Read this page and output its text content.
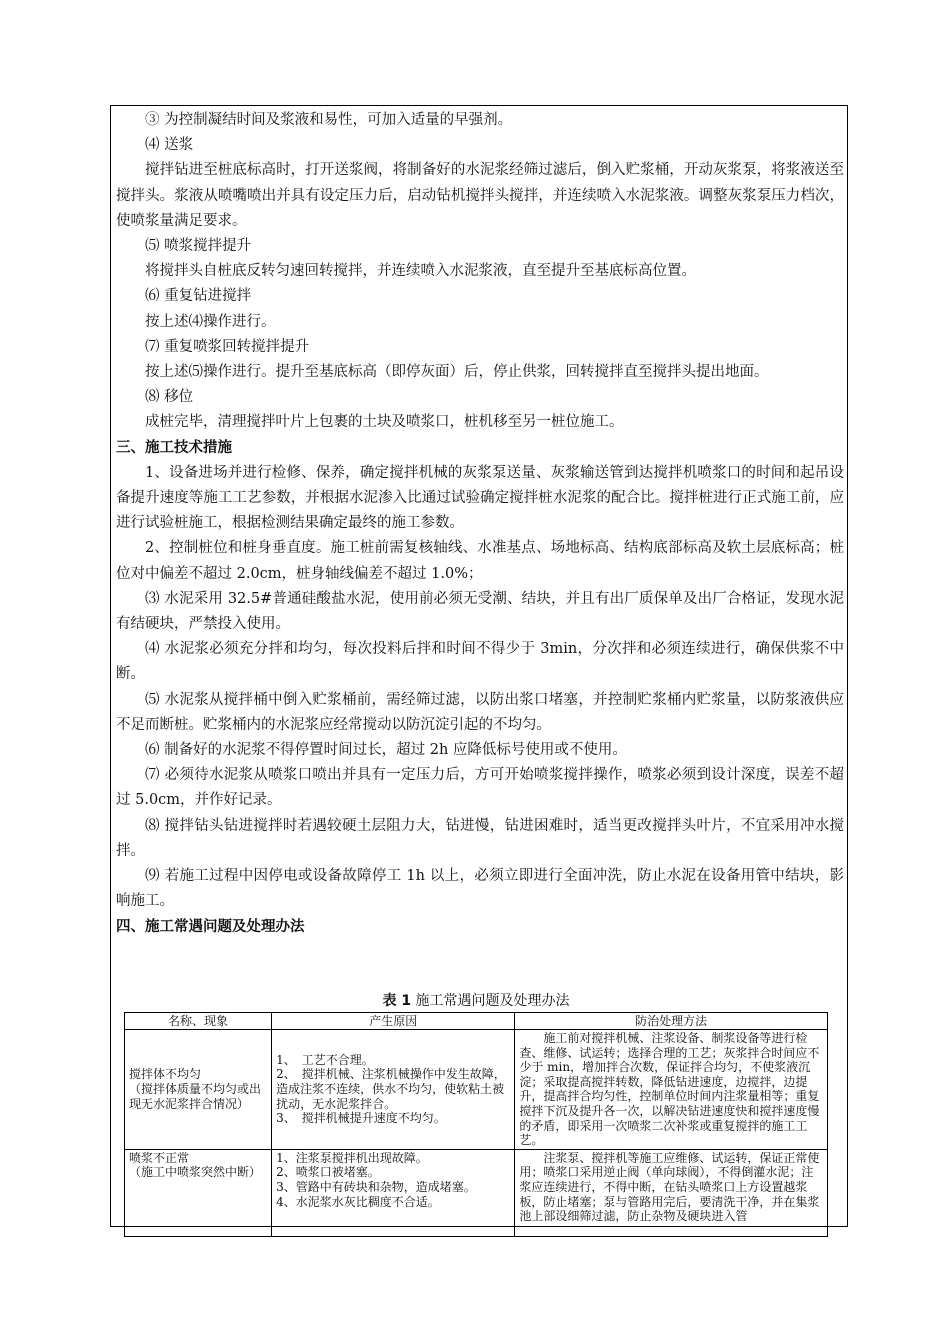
③ 为控制凝结时间及浆液和易性，可加入适量的早强剂。

⑷ 送浆

搅拌钻进至桩底标高时，打开送浆阀，将制备好的水泥浆经筛过滤后，倒入贮浆桶，开动灰浆泵，将浆液送至搅拌头。浆液从喷嘴喷出并具有设定压力后，启动钻机搅拌头搅拌，并连续喷入水泥浆液。调整灰浆泵压力档次，使喷浆量满足要求。

⑸ 喷浆搅拌提升

将搅拌头自桩底反转匀速回转搅拌，并连续喷入水泥浆液，直至提升至基底标高位置。

⑹ 重复钻进搅拌

按上述⑷操作进行。

⑺ 重复喷浆回转搅拌提升

按上述⑸操作进行。提升至基底标高（即停灰面）后，停止供浆，回转搅拌直至搅拌头提出地面。

⑻ 移位

成桩完毕，清理搅拌叶片上包裹的土块及喷浆口，桩机移至另一桩位施工。

三、施工技术措施

1、设备进场并进行检修、保养，确定搅拌机械的灰浆泵送量、灰浆输送管到达搅拌机喷浆口的时间和起吊设备提升速度等施工工艺参数，并根据水泥渗入比通过试验确定搅拌桩水泥浆的配合比。搅拌桩进行正式施工前，应进行试验桩施工，根据检测结果确定最终的施工参数。

2、控制桩位和桩身垂直度。施工桩前需复核轴线、水准基点、场地标高、结构底部标高及软土层底标高；桩位对中偏差不超过 2.0cm，桩身轴线偏差不超过 1.0%；

⑶ 水泥采用 32.5#普通硅酸盐水泥，使用前必须无受潮、结块，并且有出厂质保单及出厂合格证，发现水泥有结硬块，严禁投入使用。

⑷ 水泥浆必须充分拌和均匀，每次投料后拌和时间不得少于 3min，分次拌和必须连续进行，确保供浆不中断。

⑸ 水泥浆从搅拌桶中倒入贮浆桶前，需经筛过滤，以防出浆口堵塞，并控制贮浆桶内贮浆量，以防浆液供应不足而断桩。贮浆桶内的水泥浆应经常搅动以防沉淀引起的不均匀。

⑹ 制备好的水泥浆不得停置时间过长，超过 2h 应降低标号使用或不使用。

⑺ 必须待水泥浆从喷浆口喷出并具有一定压力后，方可开始喷浆搅拌操作，喷浆必须到设计深度，误差不超过 5.0cm，并作好记录。

⑻ 搅拌钻头钻进搅拌时若遇较硬土层阻力大，钻进慢，钻进困难时，适当更改搅拌头叶片，不宜采用冲水搅拌。

⑼ 若施工过程中因停电或设备故障停工 1h 以上，必须立即进行全面冲洗，防止水泥在设备用管中结块，影响施工。

四、施工常遇问题及处理办法

表 1 施工常遇问题及处理办法

名称、现象	产生原因	防治处理方法

搅拌体不均匀
（搅拌体质量不均匀或出现无水泥浆拌合情况）	1、　工艺不合理。
2、　搅拌机械、注浆机械操作中发生故障，造成注浆不连续，供水不均匀，使软粘土被扰动，无水泥浆拌合。
3、　搅拌机械提升速度不均匀。	施工前对搅拌机械、注浆设备、制浆设备等进行检查、维修、试运转；选择合理的工艺；灰浆拌合时间应不少于 min，增加拌合次数，保证拌合均匀，不使浆液沉淀；采取提高搅拌转数，降低钻进速度，边搅拌，边提升，提高拌合均匀性，控制单位时间内注浆量相等；重复搅拌下沉及提升各一次，以解决钻进速度快和搅拌速度慢的矛盾，即采用一次喷浆二次补浆或重复搅拌的施工工艺。

喷浆不正常
（施工中喷浆突然中断）	1、注浆泵搅拌机出现故障。
2、喷浆口被堵塞。
3、管路中有砖块和杂物，造成堵塞。
4、水泥浆水灰比稠度不合适。	注浆泵、搅拌机等施工应维修、试运转，保证正常使用；喷浆口采用逆止阀（单向球阀），不得倒灌水泥；注浆应连续进行，不得中断，在钻头喷浆口上方设置越浆板，防止堵塞；泵与管路用完后，要清洗干净，并在集浆池上部设细筛过滤，防止杂物及硬块进入管
